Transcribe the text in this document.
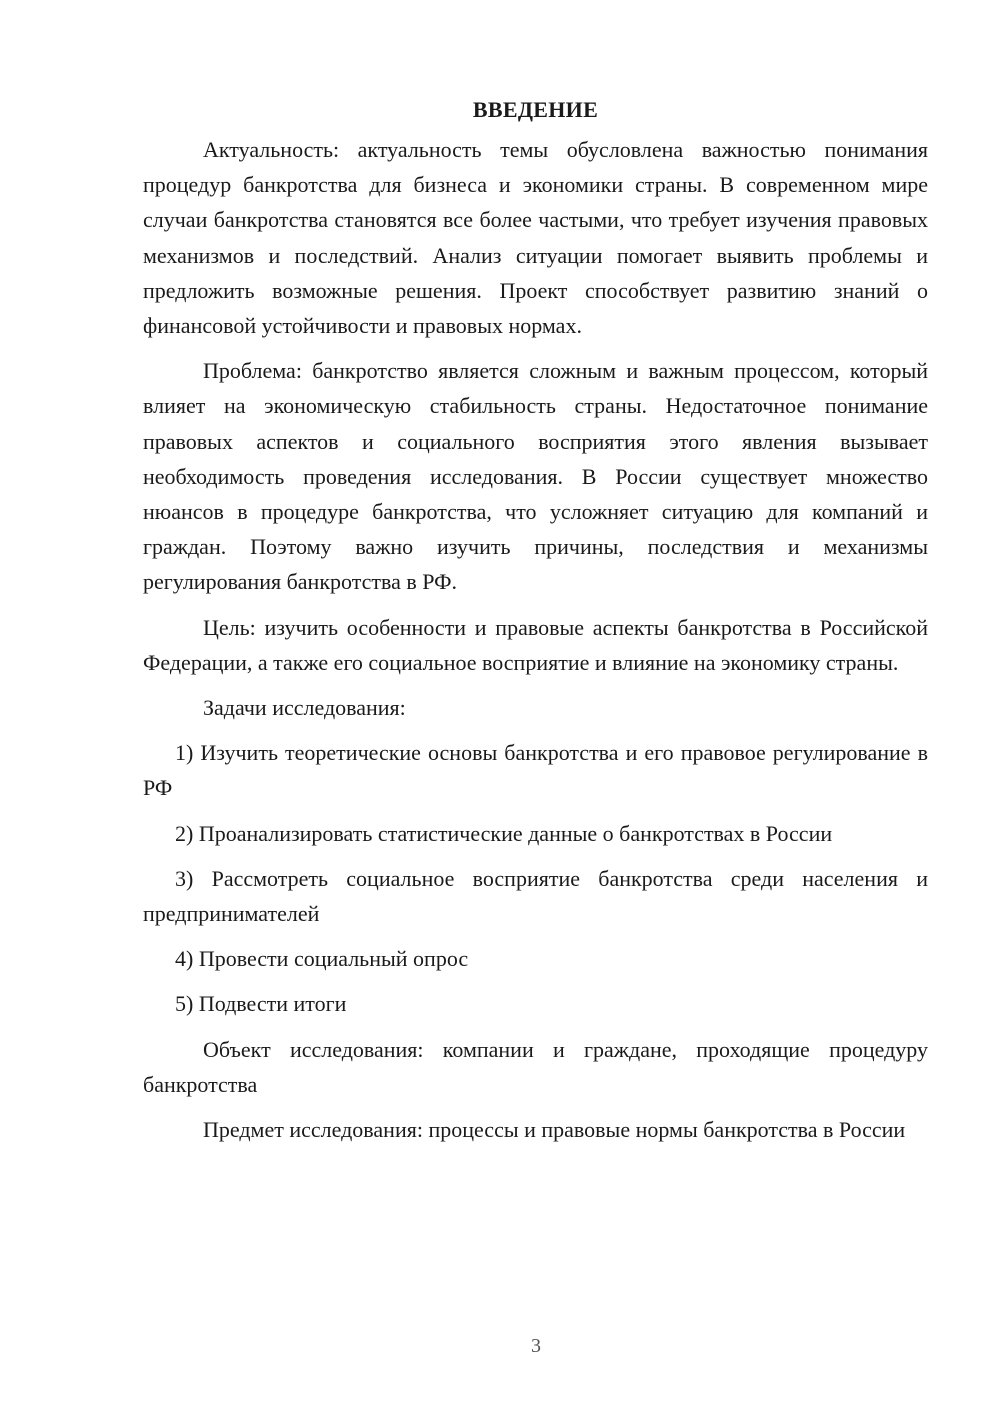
ВВЕДЕНИЕ

Актуальность: актуальность темы обусловлена важностью понимания процедур банкротства для бизнеса и экономики страны. В современном мире случаи банкротства становятся все более частыми, что требует изучения правовых механизмов и последствий. Анализ ситуации помогает выявить проблемы и предложить возможные решения. Проект способствует развитию знаний о финансовой устойчивости и правовых нормах.

Проблема: банкротство является сложным и важным процессом, который влияет на экономическую стабильность страны. Недостаточное понимание правовых аспектов и социального восприятия этого явления вызывает необходимость проведения исследования. В России существует множество нюансов в процедуре банкротства, что усложняет ситуацию для компаний и граждан. Поэтому важно изучить причины, последствия и механизмы регулирования банкротства в РФ.

Цель: изучить особенности и правовые аспекты банкротства в Российской Федерации, а также его социальное восприятие и влияние на экономику страны.

Задачи исследования:

1) Изучить теоретические основы банкротства и его правовое регулирование в РФ

2) Проанализировать статистические данные о банкротствах в России

3) Рассмотреть социальное восприятие банкротства среди населения и предпринимателей

4) Провести социальный опрос

5) Подвести итоги

Объект исследования: компании и граждане, проходящие процедуру банкротства

Предмет исследования: процессы и правовые нормы банкротства в России

3
